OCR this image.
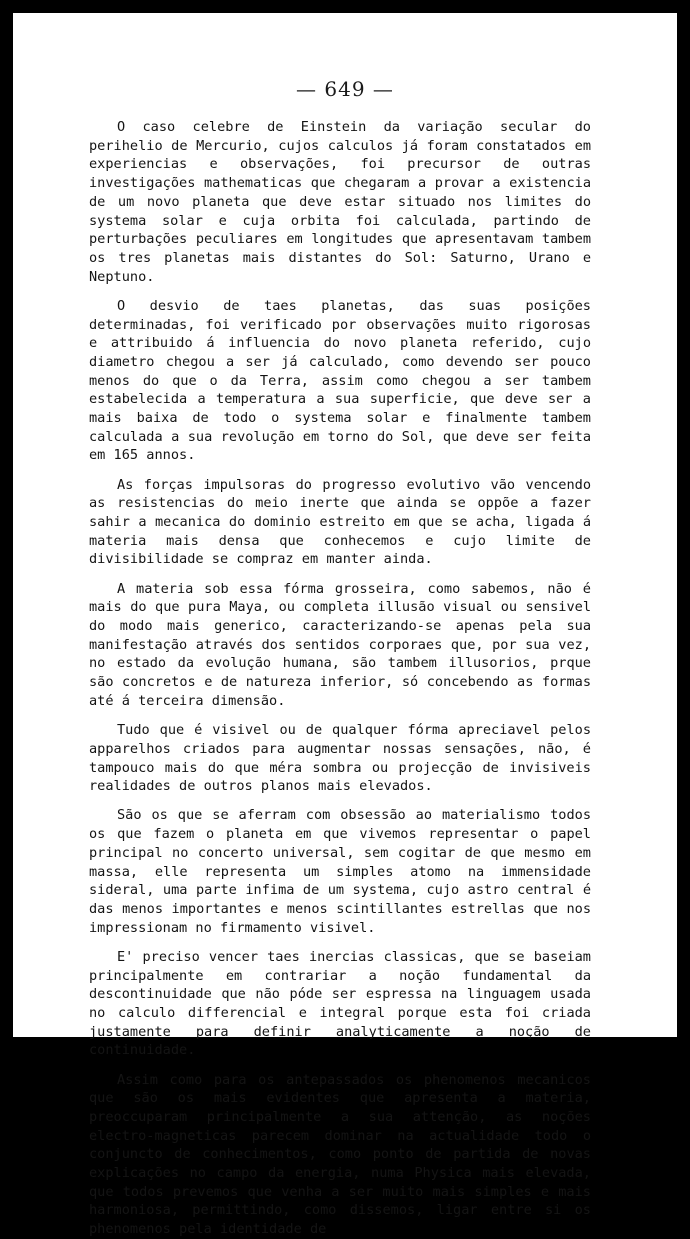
— 649 —

O caso celebre de Einstein da variação secular do perihelio de Mercurio, cujos calculos já foram constatados em experiencias e observações, foi precursor de outras investigações mathematicas que chegaram a provar a existencia de um novo planeta que deve estar situado nos limites do systema solar e cuja orbita foi calculada, partindo de perturbações peculiares em longitudes que apresentavam tambem os tres planetas mais distantes do Sol: Saturno, Urano e Neptuno.

O desvio de taes planetas, das suas posições determinadas, foi verificado por observações muito rigorosas e attribuido á influencia do novo planeta referido, cujo diametro chegou a ser já calculado, como devendo ser pouco menos do que o da Terra, assim como chegou a ser tambem estabelecida a temperatura a sua superficie, que deve ser a mais baixa de todo o systema solar e finalmente tambem calculada a sua revolução em torno do Sol, que deve ser feita em 165 annos.

As forças impulsoras do progresso evolutivo vão vencendo as resistencias do meio inerte que ainda se oppõe a fazer sahir a mecanica do dominio estreito em que se acha, ligada á materia mais densa que conhecemos e cujo limite de divisibilidade se compraz em manter ainda.

A materia sob essa fórma grosseira, como sabemos, não é mais do que pura Maya, ou completa illusão visual ou sensivel do modo mais generico, caracterizando-se apenas pela sua manifestação através dos sentidos corporaes que, por sua vez, no estado da evolução humana, são tambem illusorios, prque são concretos e de natureza inferior, só concebendo as formas até á terceira dimensão.

Tudo que é visivel ou de qualquer fórma apreciavel pelos apparelhos criados para augmentar nossas sensações, não, é tampouco mais do que méra sombra ou projecção de invisiveis realidades de outros planos mais elevados.

São os que se aferram com obsessão ao materialismo todos os que fazem o planeta em que vivemos representar o papel principal no concerto universal, sem cogitar de que mesmo em massa, elle representa um simples atomo na immensidade sideral, uma parte infima de um systema, cujo astro central é das menos importantes e menos scintillantes estrellas que nos impressionam no firmamento visivel.

E' preciso vencer taes inercias classicas, que se baseiam principalmente em contrariar a noção fundamental da descontinuidade que não póde ser espressa na linguagem usada no calculo differencial e integral porque esta foi criada justamente para definir analyticamente a noção de continuidade.

Assim como para os antepassados os phenomenos mecanicos que são os mais evidentes que apresenta a materia, preoccuparam principalmente a sua attenção, as noções electro-magneticas parecem dominar na actualidade todo o conjuncto de conhecimentos, como ponto de partida de novas explicações no campo da energia, numa Physica mais elevada, que todos prevemos que venha a ser muito mais simples e mais harmoniosa, permittindo, como dissemos, ligar entre si os phenomenos pela identidade de
